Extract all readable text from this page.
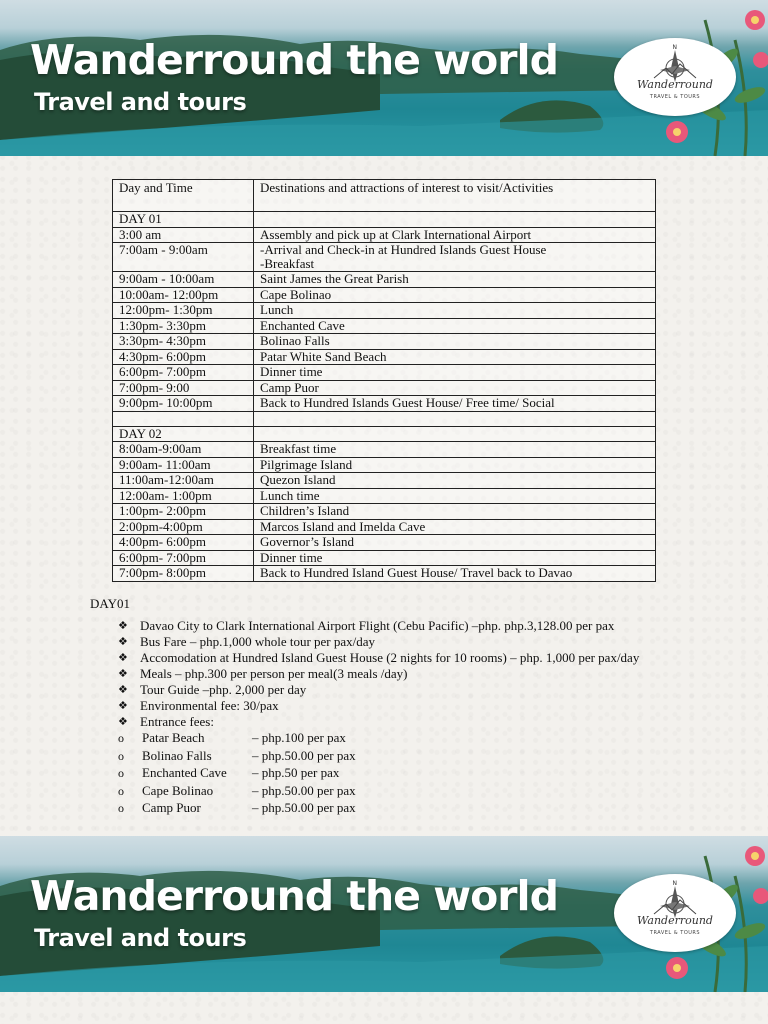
Wanderround the world
Travel and tours
N
Wanderround
TRAVEL & TOURS
Day and Time	Destinations and attractions of interest to visit/Activities
DAY 01	
3:00 am	Assembly and pick up at Clark International Airport

7:00am - 9:00am	-Arrival and Check-in at Hundred Islands Guest House
-Breakfast

9:00am - 10:00am	Saint James the Great Parish

10:00am- 12:00pm	Cape Bolinao

12:00pm- 1:30pm	Lunch

1:30pm- 3:30pm	Enchanted Cave

3:30pm- 4:30pm	Bolinao Falls

4:30pm- 6:00pm	Patar White Sand Beach

6:00pm- 7:00pm	Dinner time

7:00pm- 9:00	Camp Puor

9:00pm- 10:00pm	Back to Hundred Islands Guest House/ Free time/ Social

DAY 02	
8:00am-9:00am	Breakfast time

9:00am- 11:00am	Pilgrimage Island

11:00am-12:00am	Quezon Island

12:00am- 1:00pm	Lunch time

1:00pm- 2:00pm	Children’s Island

2:00pm-4:00pm	Marcos Island and Imelda Cave

4:00pm- 6:00pm	Governor’s Island

6:00pm- 7:00pm	Dinner time

7:00pm- 8:00pm	Back to Hundred Island Guest House/ Travel back to Davao

DAY01

❖ Davao City to Clark International Airport Flight (Cebu Pacific) –php. php.3,128.00 per pax
❖ Bus Fare – php.1,000 whole tour per pax/day
❖ Accomodation at Hundred Island Guest House (2 nights for 10 rooms) – php. 1,000 per pax/day
❖ Meals – php.300 per person per meal(3 meals /day)
❖ Tour Guide –php. 2,000 per day
❖ Environmental fee: 30/pax
❖ Entrance fees:
o Patar Beach	– php.100 per pax
o Bolinao Falls	– php.50.00 per pax
o Enchanted Cave – php.50 per pax
o Cape Bolinao	– php.50.00 per pax
o Camp Puor	– php.50.00 per pax
Wanderround the world
Travel and tours
N
Wanderround
TRAVEL & TOURS
